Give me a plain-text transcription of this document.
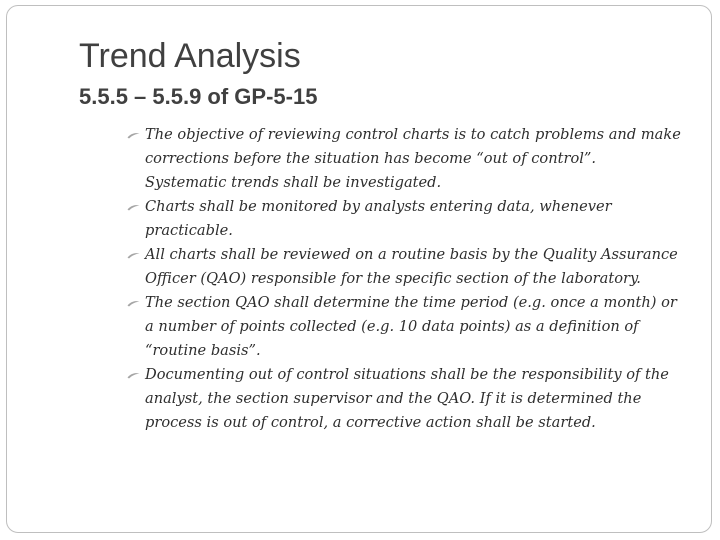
Trend Analysis
5.5.5 – 5.5.9 of GP-5-15
The objective of reviewing control charts is to catch problems and make corrections before the situation has become “out of control”. Systematic trends shall be investigated.
Charts shall be monitored by analysts entering data, whenever practicable.
All charts shall be reviewed on a routine basis by the Quality Assurance Officer (QAO) responsible for the specific section of the laboratory.
The section QAO shall determine the time period (e.g. once a month) or a number of points collected (e.g. 10 data points) as a definition of “routine basis”.
Documenting out of control situations shall be the responsibility of the analyst, the section supervisor and the QAO. If it is determined the process is out of control, a corrective action shall be started.
